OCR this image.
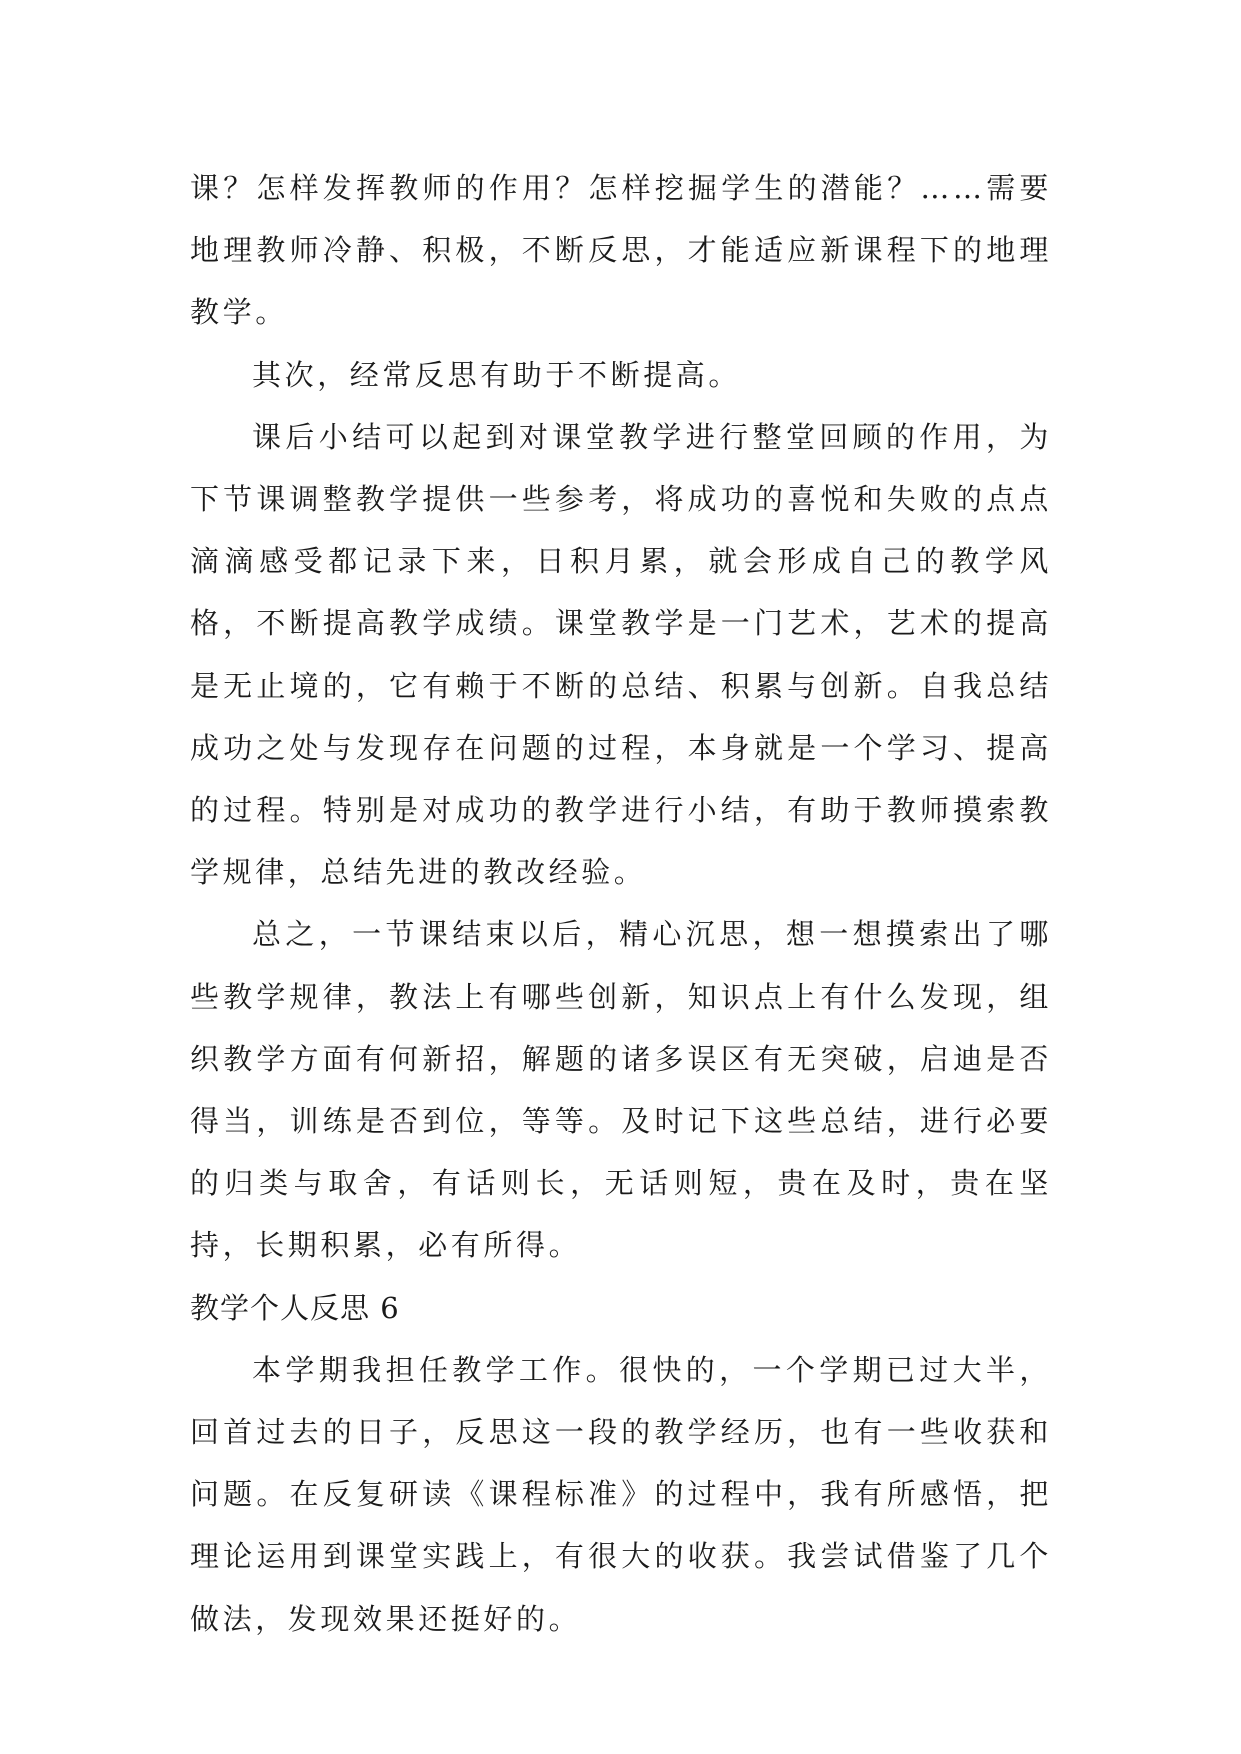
课？怎样发挥教师的作用？怎样挖掘学生的潜能？……需要地理教师冷静、积极，不断反思，才能适应新课程下的地理教学。

其次，经常反思有助于不断提高。

课后小结可以起到对课堂教学进行整堂回顾的作用，为下节课调整教学提供一些参考，将成功的喜悦和失败的点点滴滴感受都记录下来，日积月累，就会形成自己的教学风格，不断提高教学成绩。课堂教学是一门艺术，艺术的提高是无止境的，它有赖于不断的总结、积累与创新。自我总结成功之处与发现存在问题的过程，本身就是一个学习、提高的过程。特别是对成功的教学进行小结，有助于教师摸索教学规律，总结先进的教改经验。

总之，一节课结束以后，精心沉思，想一想摸索出了哪些教学规律，教法上有哪些创新，知识点上有什么发现，组织教学方面有何新招，解题的诸多误区有无突破，启迪是否得当，训练是否到位，等等。及时记下这些总结，进行必要的归类与取舍，有话则长，无话则短，贵在及时，贵在坚持，长期积累，必有所得。

教学个人反思 6

本学期我担任教学工作。很快的，一个学期已过大半，回首过去的日子，反思这一段的教学经历，也有一些收获和问题。在反复研读《课程标准》的过程中，我有所感悟，把理论运用到课堂实践上，有很大的收获。我尝试借鉴了几个做法，发现效果还挺好的。
